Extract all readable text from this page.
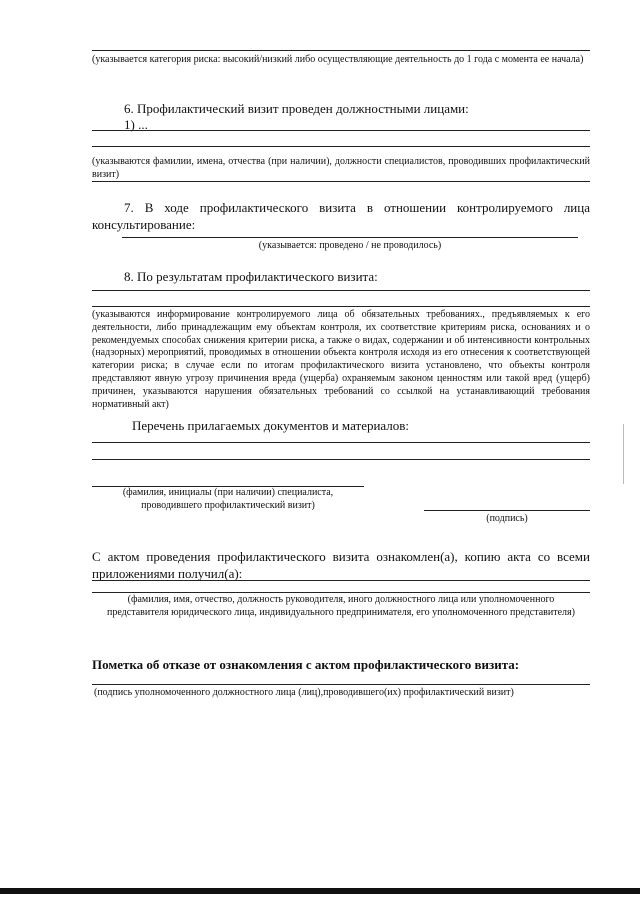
(указывается категория риска: высокий/низкий либо осуществляющие деятельность до 1 года с момента ее начала)
6. Профилактический визит проведен должностными лицами:
1) ...
(указываются фамилии, имена, отчества (при наличии), должности специалистов, проводивших профилактический визит)
7. В ходе профилактического визита в отношении контролируемого лица консультирование:
(указывается: проведено / не проводилось)
8. По результатам профилактического визита:
(указываются информирование контролируемого лица об обязательных требованиях., предъявляемых к его деятельности, либо принадлежащим ему объектам контроля, их соответствие критериям риска, основаниях и о рекомендуемых способах снижения критерии риска, а также о видах, содержании и об интенсивности контрольных (надзорных) мероприятий, проводимых в отношении объекта контроля исходя из его отнесения к соответствующей категории риска; в случае если по итогам профилактического визита установлено, что объекты контроля представляют явную угрозу причинения вреда (ущерба) охраняемым законом ценностям или такой вред (ущерб) причинен, указываются нарушения обязательных требований со ссылкой на устанавливающий требования нормативный акт)
Перечень прилагаемых документов и материалов:
(фамилия, инициалы (при наличии) специалиста, проводившего профилактический визит)
(подпись)
С актом проведения профилактического визита ознакомлен(а), копию акта со всеми приложениями получил(а):
(фамилия, имя, отчество, должность руководителя, иного должностного лица или уполномоченного представителя юридического лица, индивидуального предпринимателя, его уполномоченного представителя)
Пометка об отказе от ознакомления с актом профилактического визита:
(подпись уполномоченного должностного лица (лиц),проводившего(их) профилактический визит)
